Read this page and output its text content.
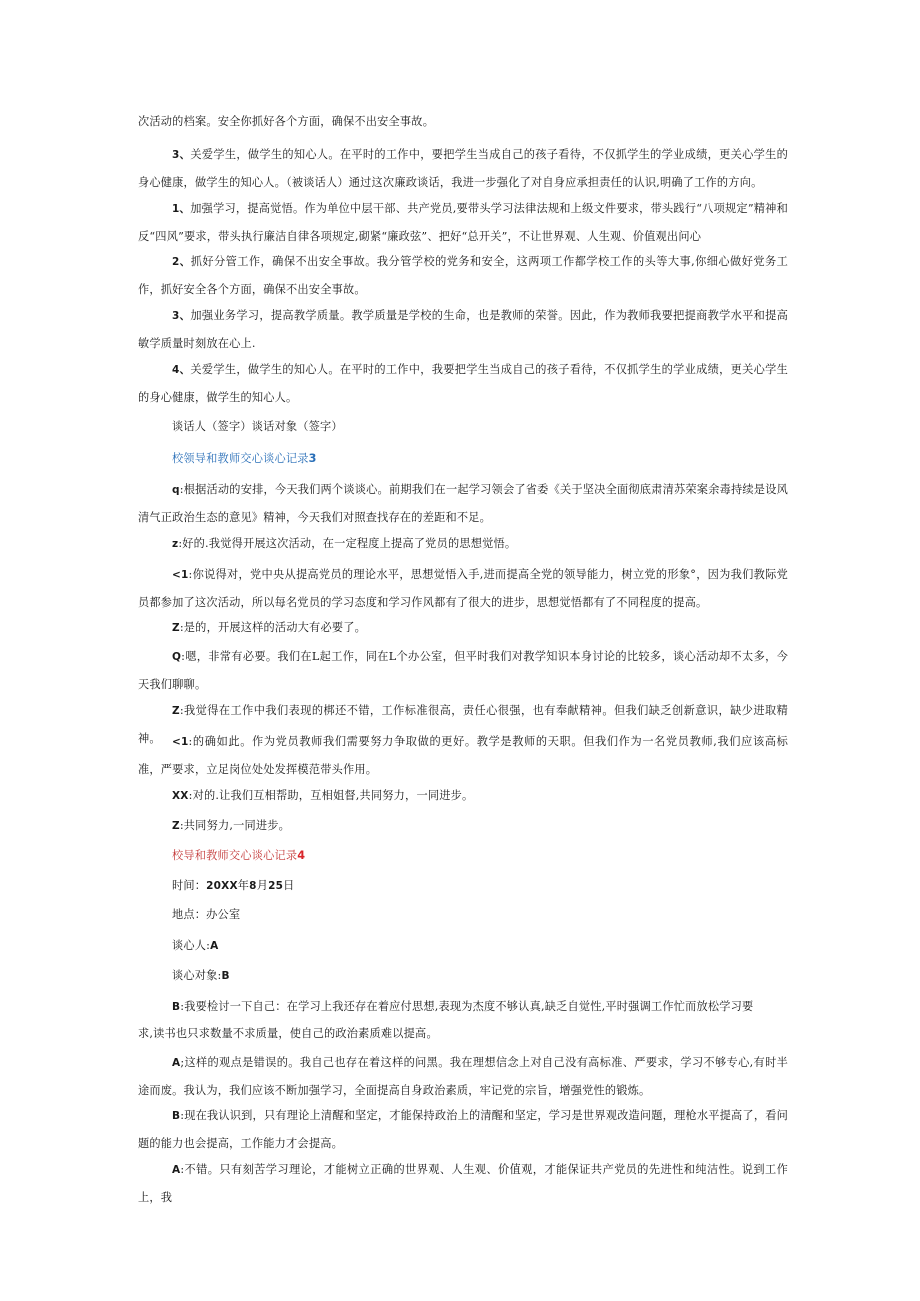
次活动的档案。安全你抓好各个方面，确保不出安全事故。

3、关爱学生，做学生的知心人。在平时的工作中，要把学生当成自己的孩子看待，不仅抓学生的学业成绩，更关心学生的身心健康，做学生的知心人。（被谈话人）通过这次廉政谈话，我进一步强化了对自身应承担责任的认识,明确了工作的方向。

1、加强学习，提高觉悟。作为单位中层干部、共产党员,要带头学习法律法规和上级文件要求，带头践行“八项规定”精神和反“四风”要求，带头执行廉洁自律各项规定,砌紧“廉政弦”、把好“总开关”，不让世界观、人生观、价值观出问心

2、抓好分管工作，确保不出安全事故。我分管学校的党务和安全，这两项工作都学校工作的头等大事,你细心做好党务工作，抓好安全各个方面，确保不出安全事故。

3、加强业务学习，提高教学质量。教学质量是学校的生命，也是教师的荣誉。因此，作为教师我要把提商教学水平和提高敏学质量时刻放在心上.

4、关爱学生，做学生的知心人。在平时的工作中，我要把学生当成自己的孩子看待，不仅抓学生的学业成绩，更关心学生的身心健康，做学生的知心人。

谈话人（签字）谈话对象（签字）

校领导和教师交心谈心记录3

q:根据活动的安排，今天我们两个谈谈心。前期我们在一起学习领会了省委《关于坚决全面彻底肃清苏荣案余毒持续是设风清气正政治生态的意见》精神，今天我们对照查找存在的差距和不足。

z:好的.我觉得开展这次活动，在一定程度上提高了党员的思想觉悟。

<1:你说得对，党中央从提高党员的理论水平，思想觉悟入手,进而提高全党的领导能力，树立党的形象°，因为我们教际党员都参加了这次活动，所以每名党员的学习态度和学习作风都有了很大的进步，思想觉悟都有了不同程度的提高。

Z:是的，开展这样的活动大有必要了。

Q:嗯，非常有必要。我们在L起工作，同在L个办公室，但平时我们对教学知识本身讨论的比较多，谈心活动却不太多，今天我们聊聊。

Z:我觉得在工作中我们表现的梆还不错，工作标准很高，责任心很强，也有奉献精神。但我们缺乏创新意识，缺少进取精神。	<1:的确如此。作为党员教师我们需要努力争取做的更好。教学是教师的天职。但我们作为一名党员教师,我们应该高标准，严要求，立足岗位处处发挥模范带头作用。

XX:对的.让我们互相帮助，互相姐督,共同努力，一同进步。

Z:共同努力,一同进步。

校导和教师交心谈心记录4

时间：20XX年8月25日

地点：办公室

谈心人:A

谈心对象:B

B:我要检讨一下自己：在学习上我还存在着应付思想,表现为杰度不够认真,缺乏自觉性,平时强调工作忙而放松学习要

求,读书也只求数量不求质量，使自己的政治素质难以提高。

A;这样的观点是错误的。我自己也存在着这样的问黑。我在理想信念上对自己没有高标准、严要求，学习不够专心,有时半途而废。我认为，我们应该不断加强学习，全面提高自身政治素质，牢记党的宗旨，增强党性的锻炼。

B:现在我认识到，只有理论上清醒和坚定，才能保持政治上的清醒和坚定，学习是世界观改造问题，理枪水平提高了，看问题的能力也会提高，工作能力才会提高。

A:不错。只有刻苦学习理论，才能树立正确的世界观、人生观、价值观，才能保证共产党员的先进性和纯洁性。说到工作上，我
